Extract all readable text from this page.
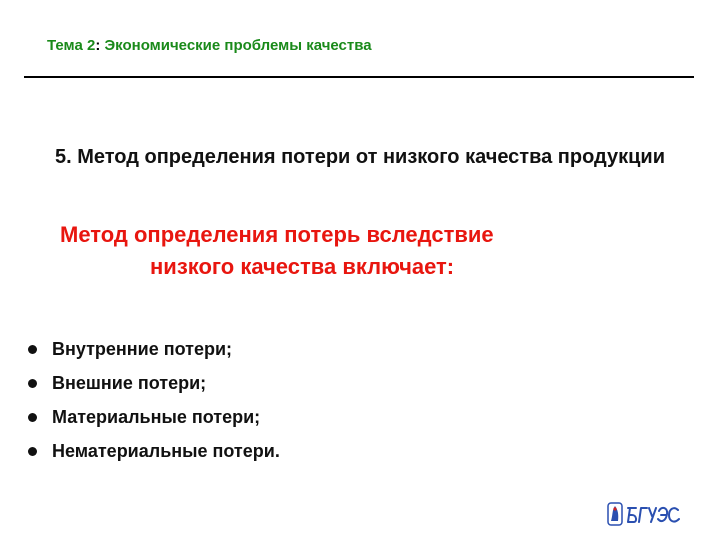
Тема 2: Экономические проблемы качества
5. Метод определения потери от низкого качества продукции
Метод определения потерь вследствие
низкого качества включает:
Внутренние потери;
Внешние потери;
Материальные потери;
Нематериальные потери.
ВГУЭС
